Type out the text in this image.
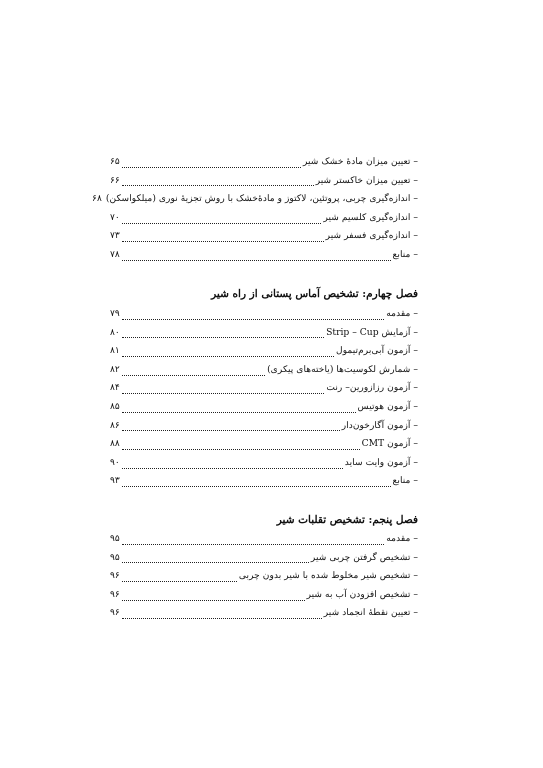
– تعیین میزان مادهٔ خشک شیر
۶۵
– تعیین میزان خاکستر شیر
۶۶
– اندازه‌گیری چربی، پروتئین، لاکتوز و مادهٔ‌خشک با روش تجزیهٔ نوری (میلکواسکن)
۶۸
– اندازه‌گیری کلسیم شیر
۷۰
– اندازه‌گیری فسفر شیر
۷۳
– منابع
۷۸
فصل چهارم: تشخیص آماس پستانی از راه شیر
– مقدمه
۷۹
– آزمایش Strip – Cup
۸۰
– آزمون آبی‌برم‌تیمول
۸۱
– شمارش لکوسیت‌ها (یاخته‌های پیکری)
۸۲
– آزمون رزازورین– رنت
۸۴
– آزمون هوتیس
۸۵
– آزمون آگارخون‌دار
۸۶
– آزمون CMT
۸۸
– آزمون وایت ساید
۹۰
– منابع
۹۳
فصل پنجم: تشخیص تقلبات شیر
– مقدمه
۹۵
– تشخیص گرفتن چربی شیر
۹۵
– تشخیص شیر مخلوط شده با شیر بدون چربی
۹۶
– تشخیص افزودن آب به شیر
۹۶
– تعیین نقطهٔ انجماد شیر
۹۶
